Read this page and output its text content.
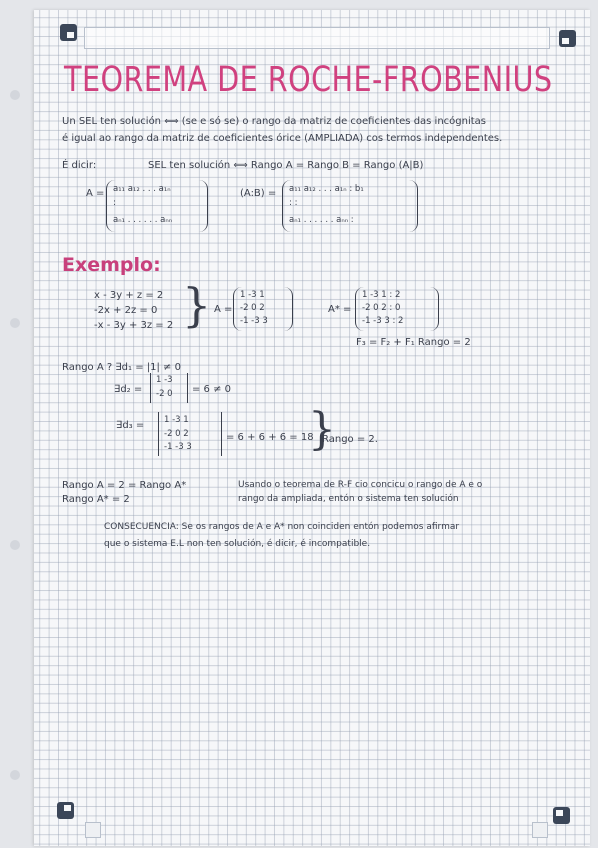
TEOREMA DE ROCHE-FROBENIUS
Un SEL ten solución ⟺ (se e só se) o rango da matriz de coeficientes das incógnitas
é igual ao rango da matriz de coeficientes órice (AMPLIADA) cos termos independentes.
É dicir:	SEL ten solución ⟺ Rango A = Rango B = Rango (A|B)
A = a₁₁ a₁₂ . . . a₁ₙ
:
aₙ₁ . . . . . . aₙₙ
(A:B) = a₁₁ a₁₂ . . . a₁ₙ : b₁
: :
aₙ₁ . . . . . . aₙₙ :
Exemplo:
x - 3y + z = 2
-2x + 2z = 0
-x - 3y + 3z = 2 } A =
1 -3 1
-2 0 2
-1 -3 3
A* =
1 -3 1 : 2
-2 0 2 : 0
-1 -3 3 : 2
F₃ = F₂ + F₁ Rango = 2
Rango A ? ∃d₁ = |1| ≠ 0
∃d₂ =
1 -3
-2 0 = 6 ≠ 0
∃d₃ = 1 -3 1
-2 0 2
-1 -3 3
= 6 + 6 + 6 = 18
}
Rango = 2.
Rango A = 2 = Rango A*
Rango A* = 2
Usando o teorema de R-F cio concicu o rango de A e o
rango da ampliada, entón o sistema ten solución
CONSECUENCIA: Se os rangos de A e A* non coinciden entón podemos afirmar
que o sistema E.L non ten solución, é dicir, é incompatible.
